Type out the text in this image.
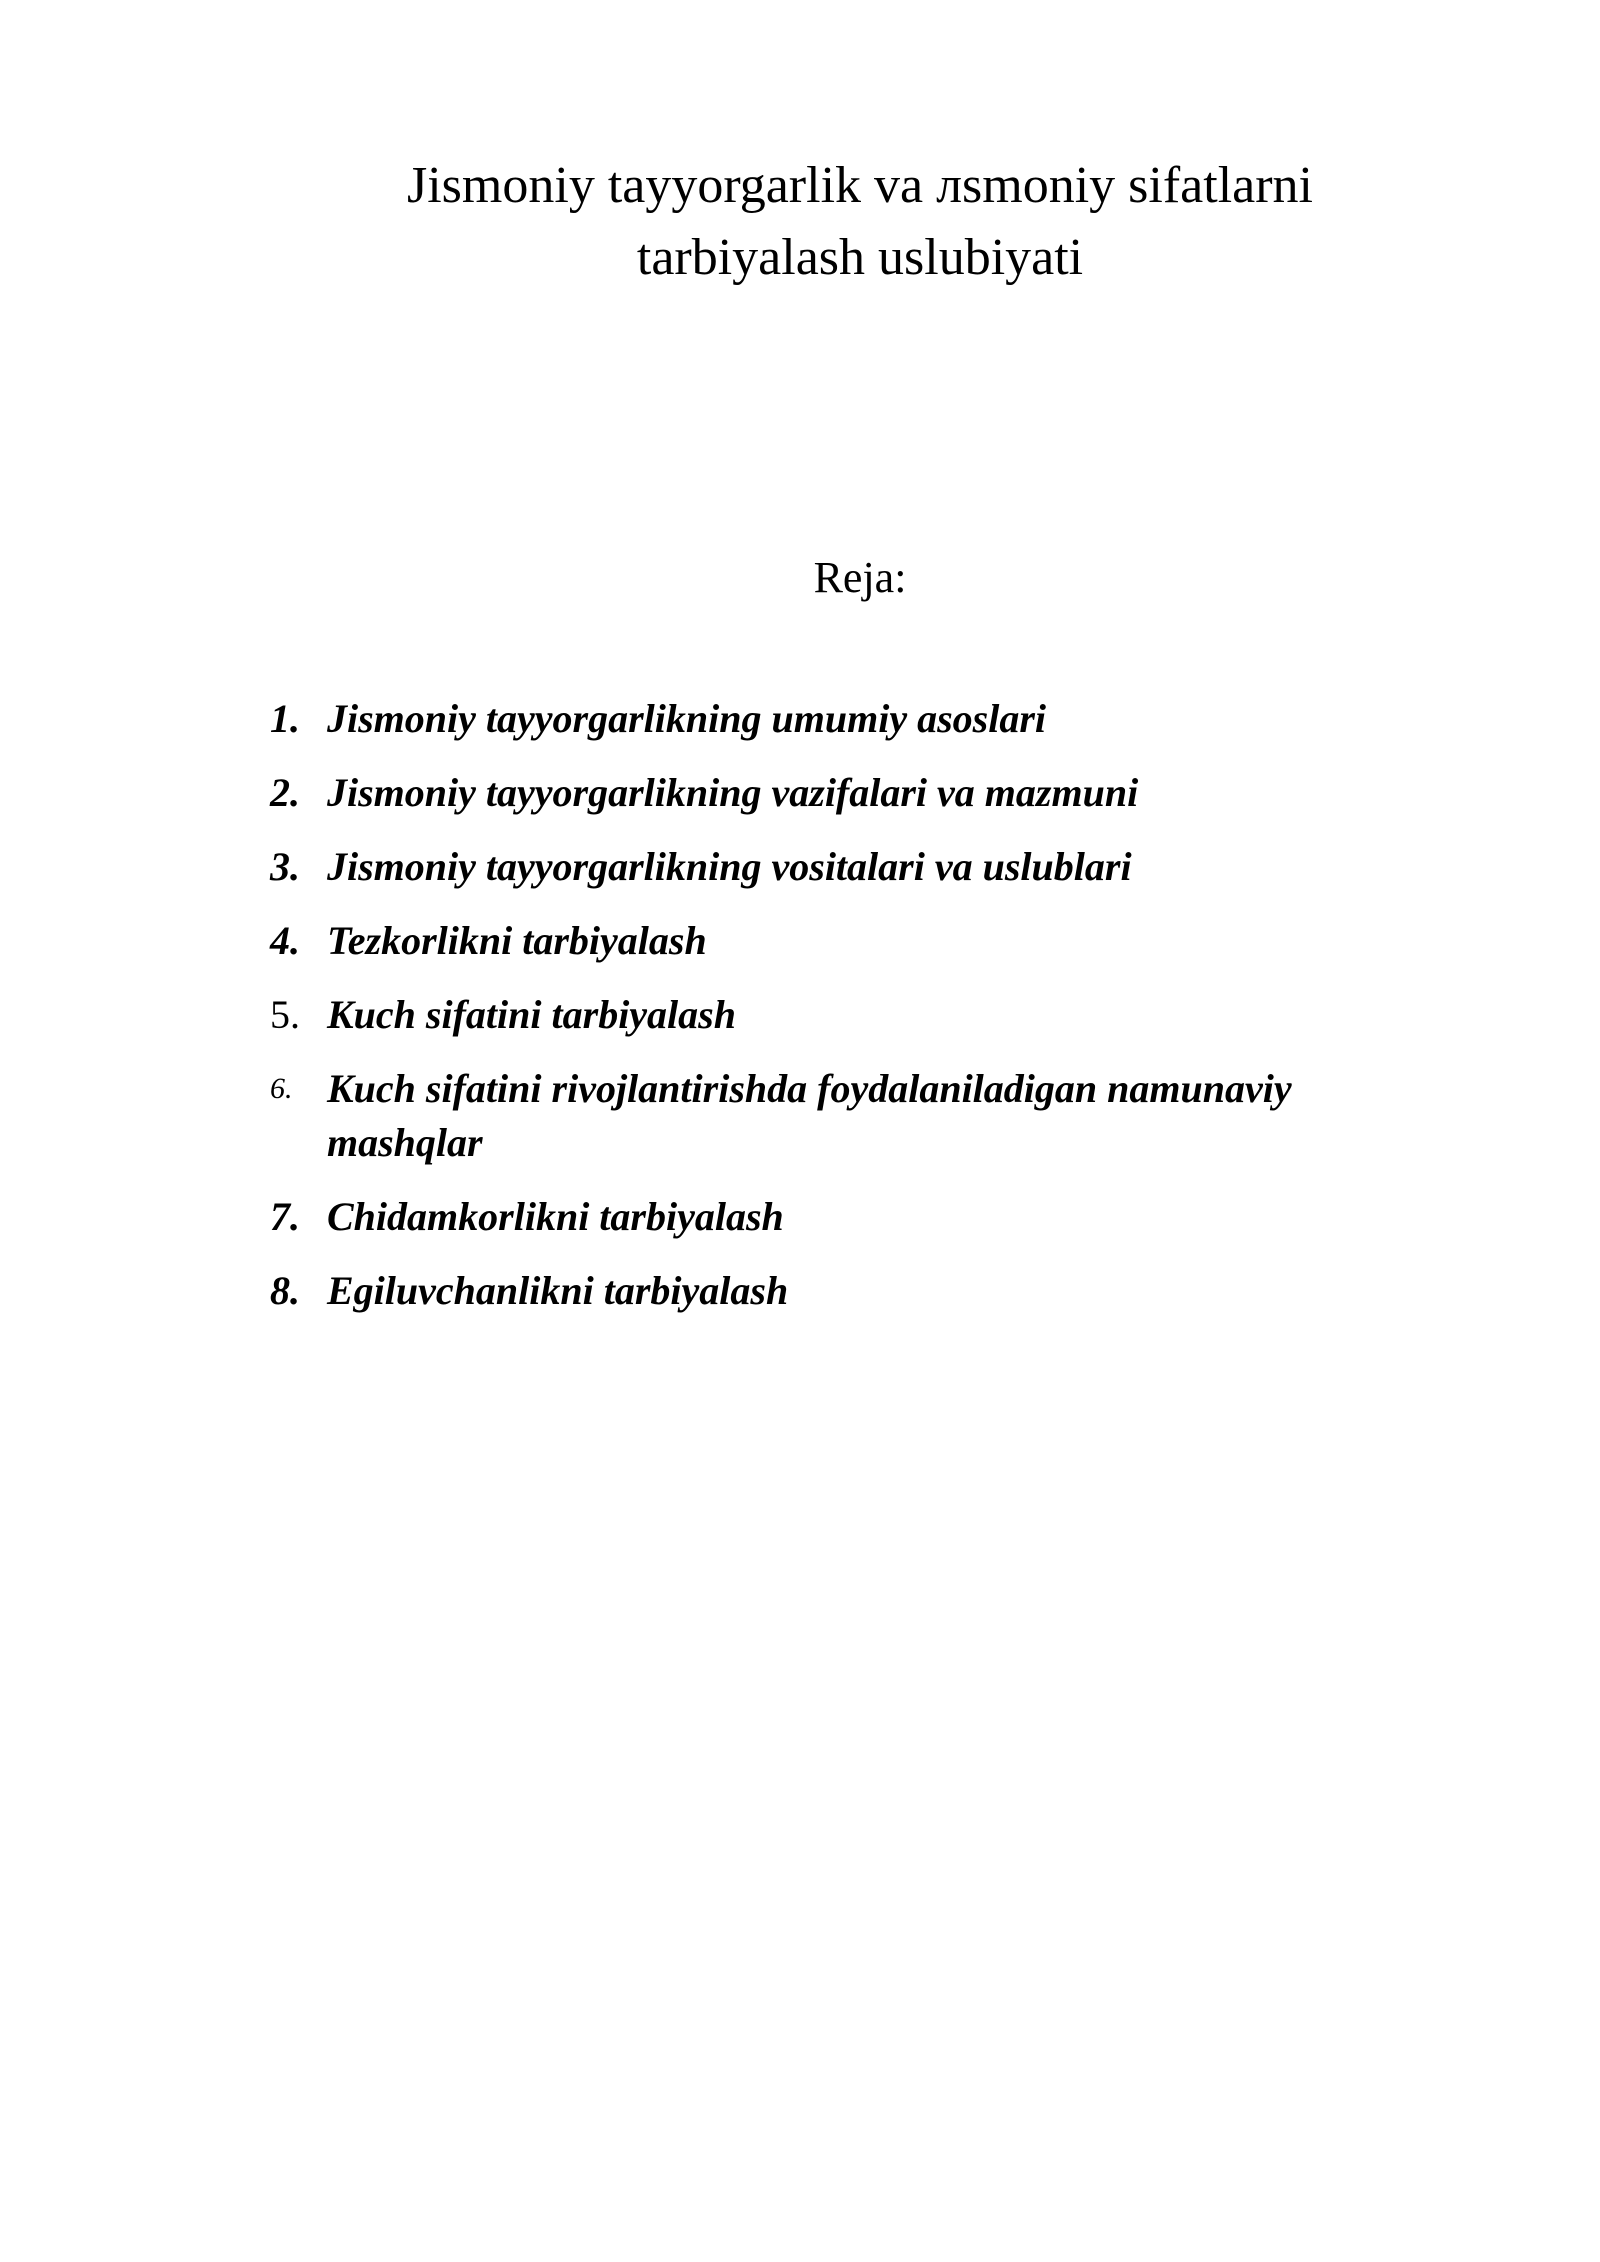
Jismoniy tayyorgarlik va лsmoniy sifatlarni
tarbiyalash uslubiyati
Reja:
1. Jismoniy tayyorgarlikning umumiy asoslari
2. Jismoniy tayyorgarlikning vazifalari va mazmuni
3. Jismoniy tayyorgarlikning vositalari va uslublari
4. Tezkorlikni tarbiyalash
5. Kuch sifatini tarbiyalash
6. Kuch sifatini rivojlantirishda foydalaniladigan namunaviy mashqlar
7. Chidamkorlikni tarbiyalash
8. Egiluvchanlikni tarbiyalash
